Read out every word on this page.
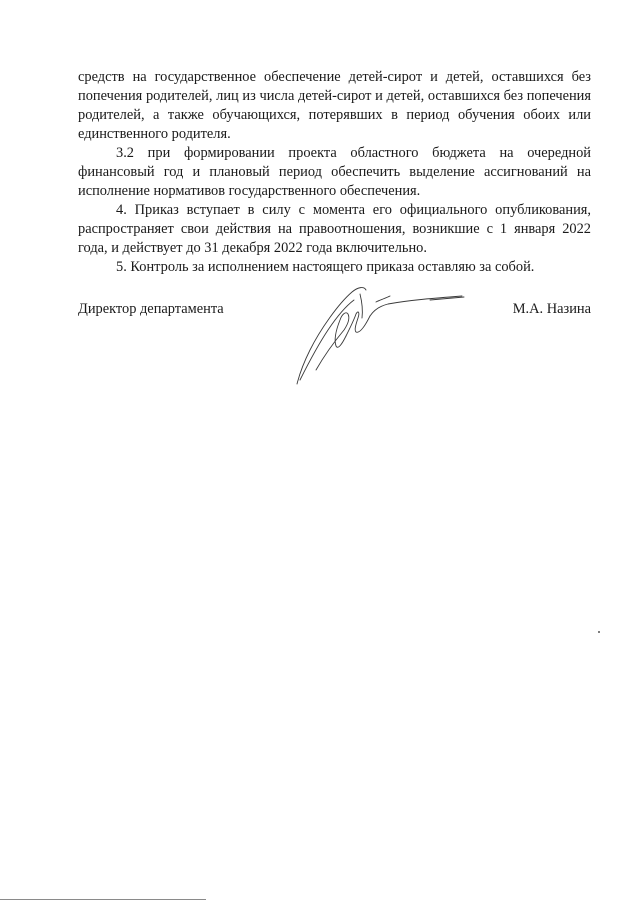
средств на государственное обеспечение детей-сирот и детей, оставшихся без попечения родителей, лиц из числа детей-сирот и детей, оставшихся без попечения родителей, а также обучающихся, потерявших в период обучения обоих или единственного родителя.

3.2 при формировании проекта областного бюджета на очередной финансовый год и плановый период обеспечить выделение ассигнований на исполнение нормативов государственного обеспечения.

4. Приказ вступает в силу с момента его официального опубликования, распространяет свои действия на правоотношения, возникшие с 1 января 2022 года, и действует до 31 декабря 2022 года включительно.

5. Контроль за исполнением настоящего приказа оставляю за собой.

Директор департамента	М.А. Назина
